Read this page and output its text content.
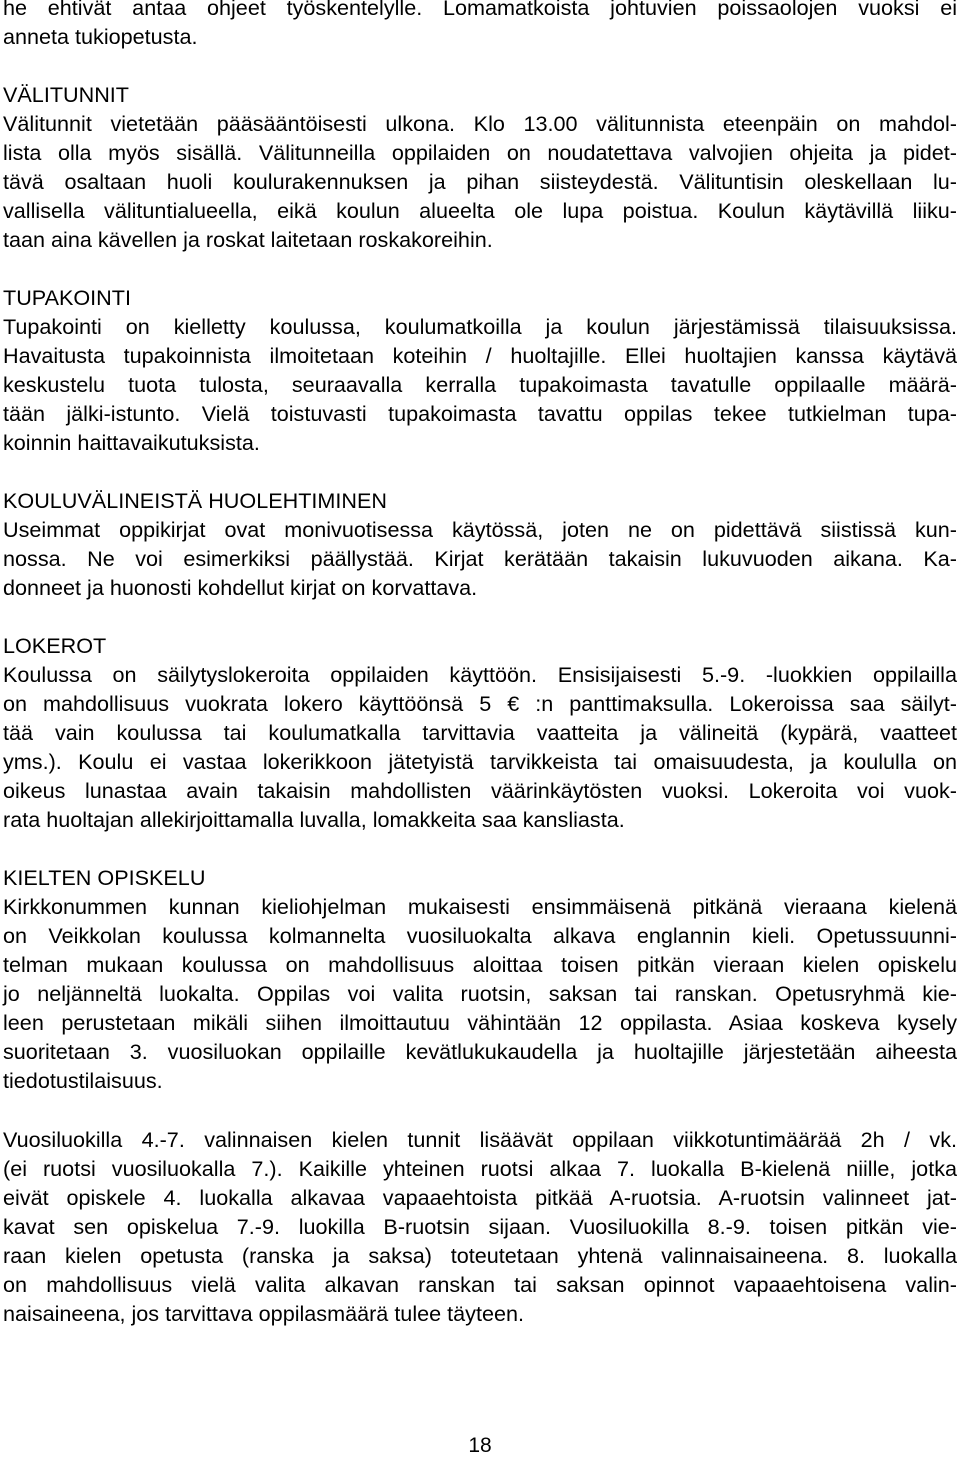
he ehtivät antaa ohjeet työskentelylle. Lomamatkoista johtuvien poissaolojen vuoksi ei
anneta tukiopetusta.
VÄLITUNNIT
Välitunnit vietetään pääsääntöisesti ulkona. Klo 13.00 välitunnista eteenpäin on mahdol-
lista olla myös sisällä. Välitunneilla oppilaiden on noudatettava valvojien ohjeita ja pidet-
tävä osaltaan huoli koulurakennuksen ja pihan siisteydestä. Välituntisin oleskellaan lu-
vallisella välituntialueella, eikä koulun alueelta ole lupa poistua. Koulun käytävillä liiku-
taan aina kävellen ja roskat laitetaan roskakoreihin.
TUPAKOINTI
Tupakointi on kielletty koulussa, koulumatkoilla ja koulun järjestämissä tilaisuuksissa.
Havaitusta tupakoinnista ilmoitetaan koteihin / huoltajille. Ellei huoltajien kanssa käytävä
keskustelu tuota tulosta, seuraavalla kerralla tupakoimasta tavatulle oppilaalle määrä-
tään jälki-istunto. Vielä toistuvasti tupakoimasta tavattu oppilas tekee tutkielman tupa-
koinnin haittavaikutuksista.
KOULUVÄLINEISTÄ HUOLEHTIMINEN
Useimmat oppikirjat ovat monivuotisessa käytössä, joten ne on pidettävä siistissä kun-
nossa. Ne voi esimerkiksi päällystää. Kirjat kerätään takaisin lukuvuoden aikana. Ka-
donneet ja huonosti kohdellut kirjat on korvattava.
LOKEROT
Koulussa on säilytyslokeroita oppilaiden käyttöön. Ensisijaisesti 5.-9. -luokkien oppilailla
on mahdollisuus vuokrata lokero käyttöönsä 5 € :n panttimaksulla. Lokeroissa saa säilyt-
tää vain koulussa tai koulumatkalla tarvittavia vaatteita ja välineitä (kypärä, vaatteet
yms.). Koulu ei vastaa lokerikkoon jätetyistä tarvikkeista tai omaisuudesta, ja koululla on
oikeus lunastaa avain takaisin mahdollisten väärinkäytösten vuoksi. Lokeroita voi vuok-
rata huoltajan allekirjoittamalla luvalla, lomakkeita saa kansliasta.
KIELTEN OPISKELU
Kirkkonummen kunnan kieliohjelman mukaisesti ensimmäisenä pitkänä vieraana kielenä
on Veikkolan koulussa kolmannelta vuosiluokalta alkava englannin kieli. Opetussuunni-
telman mukaan koulussa on mahdollisuus aloittaa toisen pitkän vieraan kielen opiskelu
jo neljänneltä luokalta. Oppilas voi valita ruotsin, saksan tai ranskan. Opetusryhmä kie-
leen perustetaan mikäli siihen ilmoittautuu vähintään 12 oppilasta. Asiaa koskeva kysely
suoritetaan 3. vuosiluokan oppilaille kevätlukukaudella ja huoltajille järjestetään aiheesta
tiedotustilaisuus.
Vuosiluokilla 4.-7. valinnaisen kielen tunnit lisäävät oppilaan viikkotuntimäärää 2h / vk.
(ei ruotsi vuosiluokalla 7.). Kaikille yhteinen ruotsi alkaa 7. luokalla B-kielenä niille, jotka
eivät opiskele 4. luokalla alkavaa vapaaehtoista pitkää A-ruotsia. A-ruotsin valinneet jat-
kavat sen opiskelua 7.-9. luokilla B-ruotsin sijaan. Vuosiluokilla 8.-9. toisen pitkän vie-
raan kielen opetusta (ranska ja saksa) toteutetaan yhtenä valinnaisaineena. 8. luokalla
on mahdollisuus vielä valita alkavan ranskan tai saksan opinnot vapaaehtoisena valin-
naisaineena, jos tarvittava oppilasmäärä tulee täyteen.
18
